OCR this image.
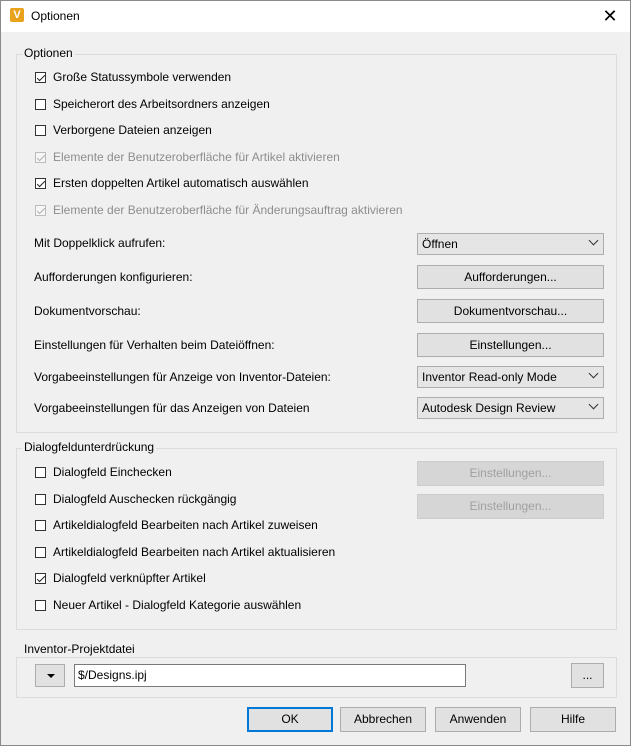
V Optionen	✕
Optionen
Große Statussymbole verwenden
Speicherort des Arbeitsordners anzeigen
Verborgene Dateien anzeigen
Elemente der Benutzeroberfläche für Artikel aktivieren
Ersten doppelten Artikel automatisch auswählen
Elemente der Benutzeroberfläche für Änderungsauftrag aktivieren
Mit Doppelklick aufrufen:	Öffnen
Aufforderungen konfigurieren:	Aufforderungen...
Dokumentvorschau:	Dokumentvorschau...
Einstellungen für Verhalten beim Dateiöffnen:	Einstellungen...
Vorgabeeinstellungen für Anzeige von Inventor-Dateien:	Inventor Read-only Mode
Vorgabeeinstellungen für das Anzeigen von Dateien	Autodesk Design Review
Dialogfeldunterdrückung
Dialogfeld Einchecken	Einstellungen...
Dialogfeld Auschecken rückgängig	Einstellungen...
Artikeldialogfeld Bearbeiten nach Artikel zuweisen
Artikeldialogfeld Bearbeiten nach Artikel aktualisieren
Dialogfeld verknüpfter Artikel
Neuer Artikel - Dialogfeld Kategorie auswählen
Inventor-Projektdatei
$/Designs.ipj	...
OK	Abbrechen	Anwenden	Hilfe
